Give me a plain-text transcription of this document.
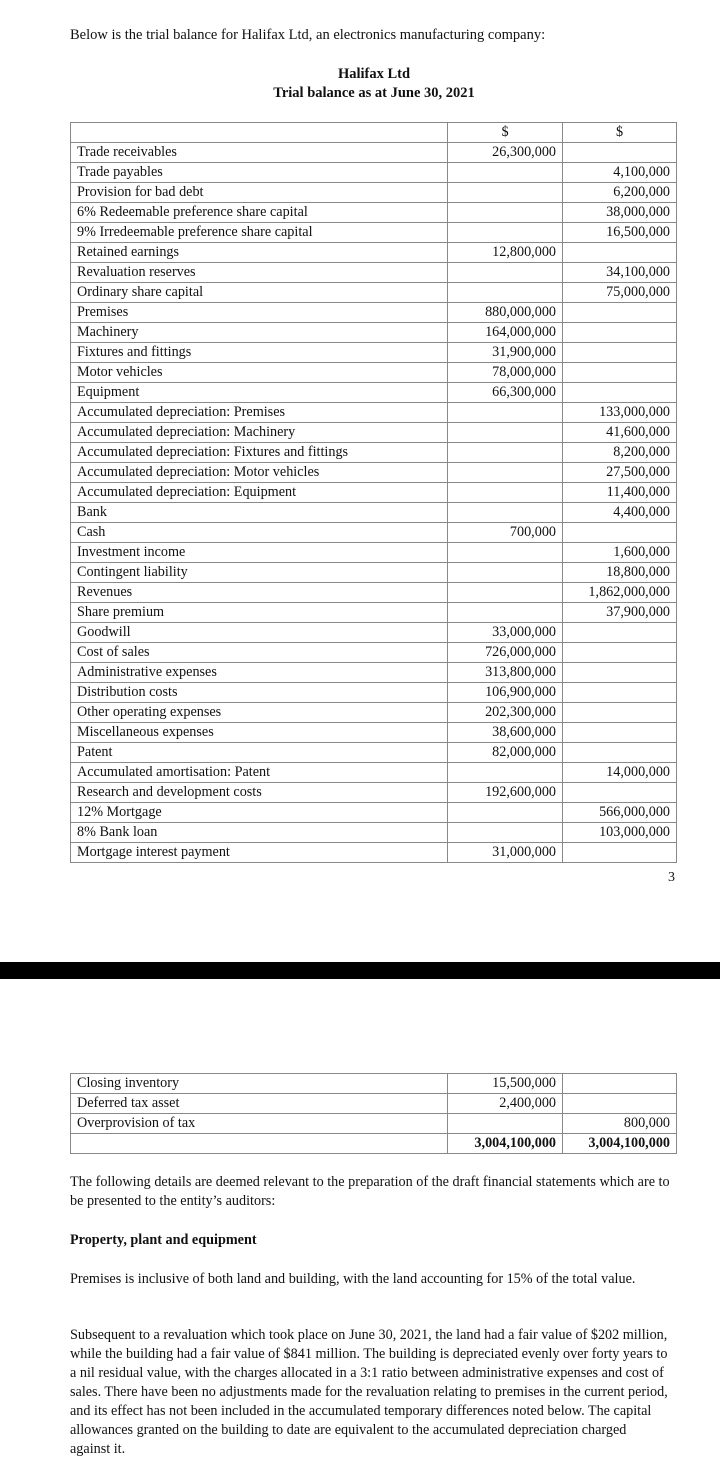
Below is the trial balance for Halifax Ltd, an electronics manufacturing company:
Halifax Ltd
Trial balance as at June 30, 2021
	$	$
Trade receivables	26,300,000	
Trade payables		4,100,000
Provision for bad debt		6,200,000
6% Redeemable preference share capital		38,000,000
9% Irredeemable preference share capital		16,500,000
Retained earnings	12,800,000	
Revaluation reserves		34,100,000
Ordinary share capital		75,000,000
Premises	880,000,000	
Machinery	164,000,000	
Fixtures and fittings	31,900,000	
Motor vehicles	78,000,000	
Equipment	66,300,000	
Accumulated depreciation: Premises		133,000,000
Accumulated depreciation: Machinery		41,600,000
Accumulated depreciation: Fixtures and fittings		8,200,000
Accumulated depreciation: Motor vehicles		27,500,000
Accumulated depreciation: Equipment		11,400,000
Bank		4,400,000
Cash	700,000	
Investment income		1,600,000
Contingent liability		18,800,000
Revenues		1,862,000,000
Share premium		37,900,000
Goodwill	33,000,000	
Cost of sales	726,000,000	
Administrative expenses	313,800,000	
Distribution costs	106,900,000	
Other operating expenses	202,300,000	
Miscellaneous expenses	38,600,000	
Patent	82,000,000	
Accumulated amortisation: Patent		14,000,000
Research and development costs	192,600,000	
12% Mortgage		566,000,000
8% Bank loan		103,000,000
Mortgage interest payment	31,000,000	
3
Closing inventory	15,500,000	
Deferred tax asset	2,400,000	
Overprovision of tax		800,000
	3,004,100,000	3,004,100,000
The following details are deemed relevant to the preparation of the draft financial statements which are to be presented to the entity’s auditors:
Property, plant and equipment
Premises is inclusive of both land and building, with the land accounting for 15% of the total value.
Subsequent to a revaluation which took place on June 30, 2021, the land had a fair value of $202 million, while the building had a fair value of $841 million. The building is depreciated evenly over forty years to a nil residual value, with the charges allocated in a 3:1 ratio between administrative expenses and cost of sales. There have been no adjustments made for the revaluation relating to premises in the current period, and its effect has not been included in the accumulated temporary differences noted below. The capital allowances granted on the building to date are equivalent to the accumulated depreciation charged against it.
